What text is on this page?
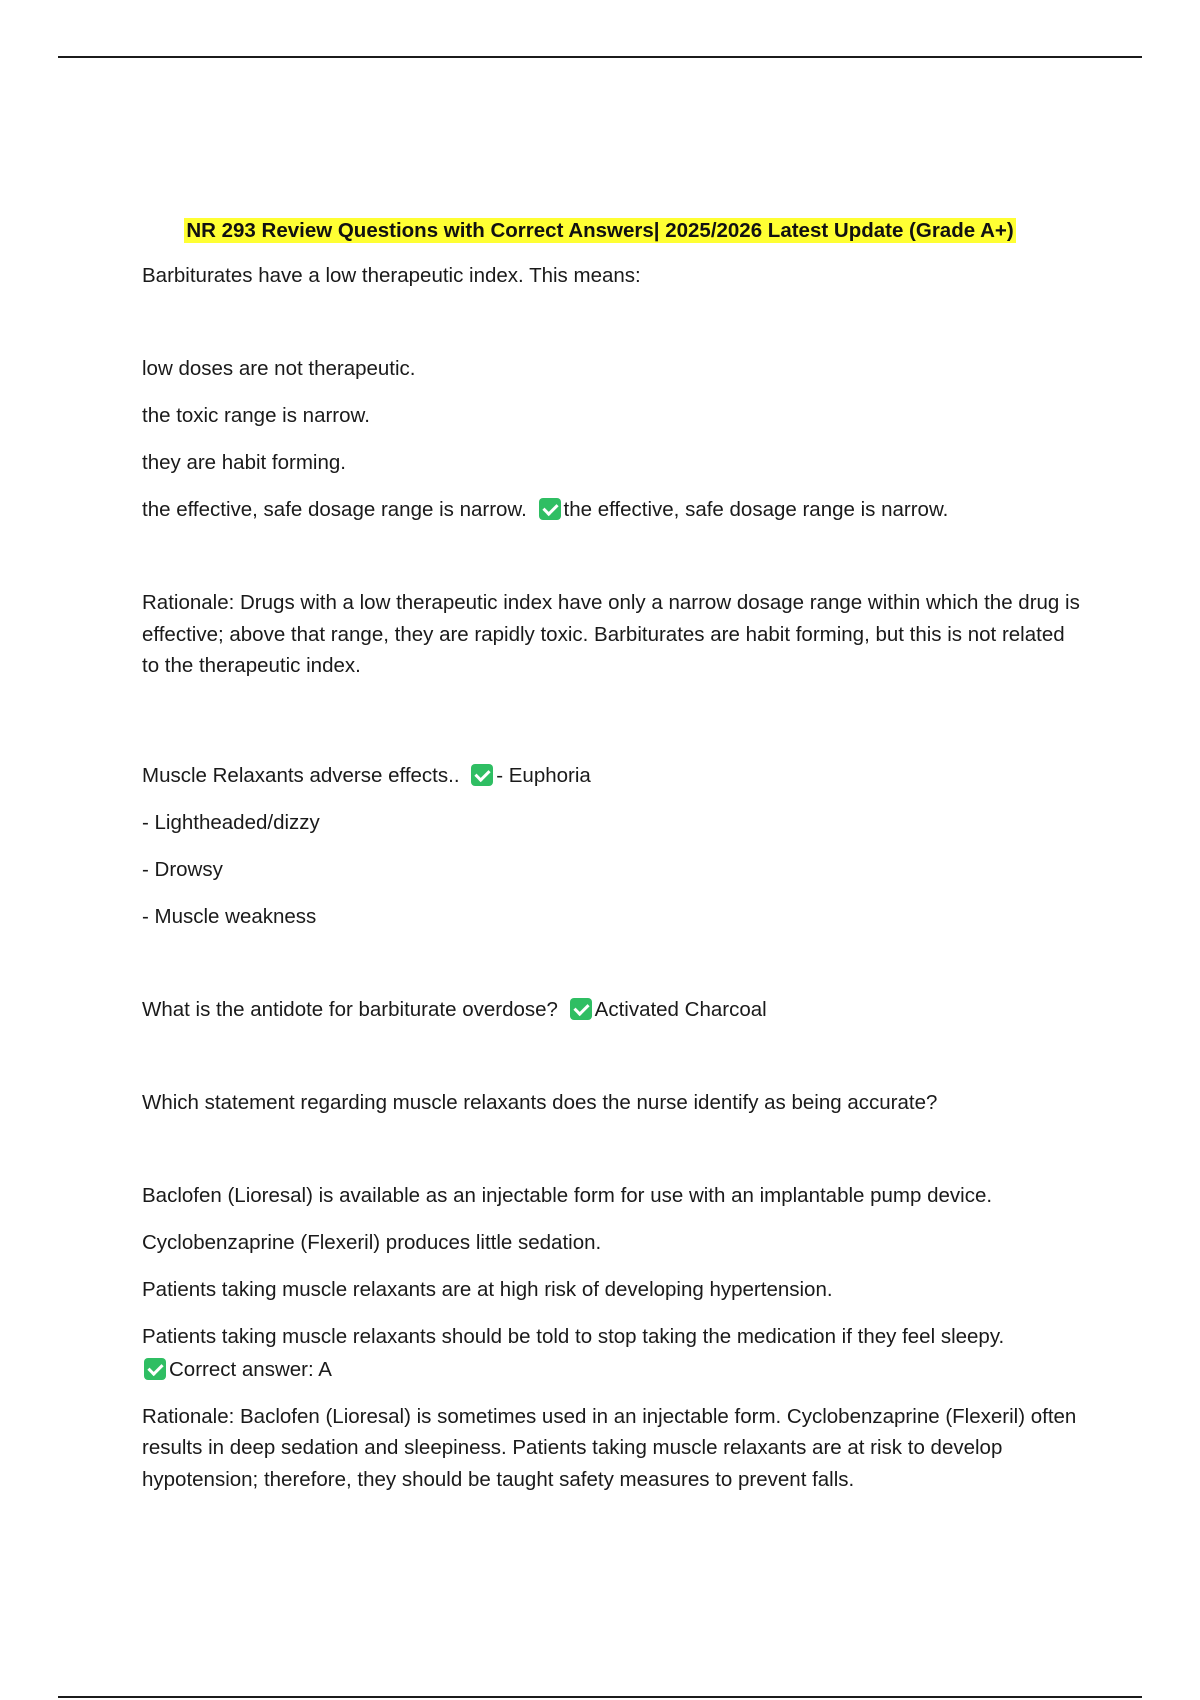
NR 293 Review Questions with Correct Answers| 2025/2026 Latest Update (Grade A+)

Barbiturates have a low therapeutic index. This means:

low doses are not therapeutic.

the toxic range is narrow.

they are habit forming.

the effective, safe dosage range is narrow. the effective, safe dosage range is narrow.

Rationale: Drugs with a low therapeutic index have only a narrow dosage range within which the drug is effective; above that range, they are rapidly toxic. Barbiturates are habit forming, but this is not related to the therapeutic index.

Muscle Relaxants adverse effects.. - Euphoria

- Lightheaded/dizzy

- Drowsy

- Muscle weakness

What is the antidote for barbiturate overdose? Activated Charcoal

Which statement regarding muscle relaxants does the nurse identify as being accurate?

Baclofen (Lioresal) is available as an injectable form for use with an implantable pump device.

Cyclobenzaprine (Flexeril) produces little sedation.

Patients taking muscle relaxants are at high risk of developing hypertension.

Patients taking muscle relaxants should be told to stop taking the medication if they feel sleepy.

Correct answer: A

Rationale: Baclofen (Lioresal) is sometimes used in an injectable form. Cyclobenzaprine (Flexeril) often results in deep sedation and sleepiness. Patients taking muscle relaxants are at risk to develop hypotension; therefore, they should be taught safety measures to prevent falls.
